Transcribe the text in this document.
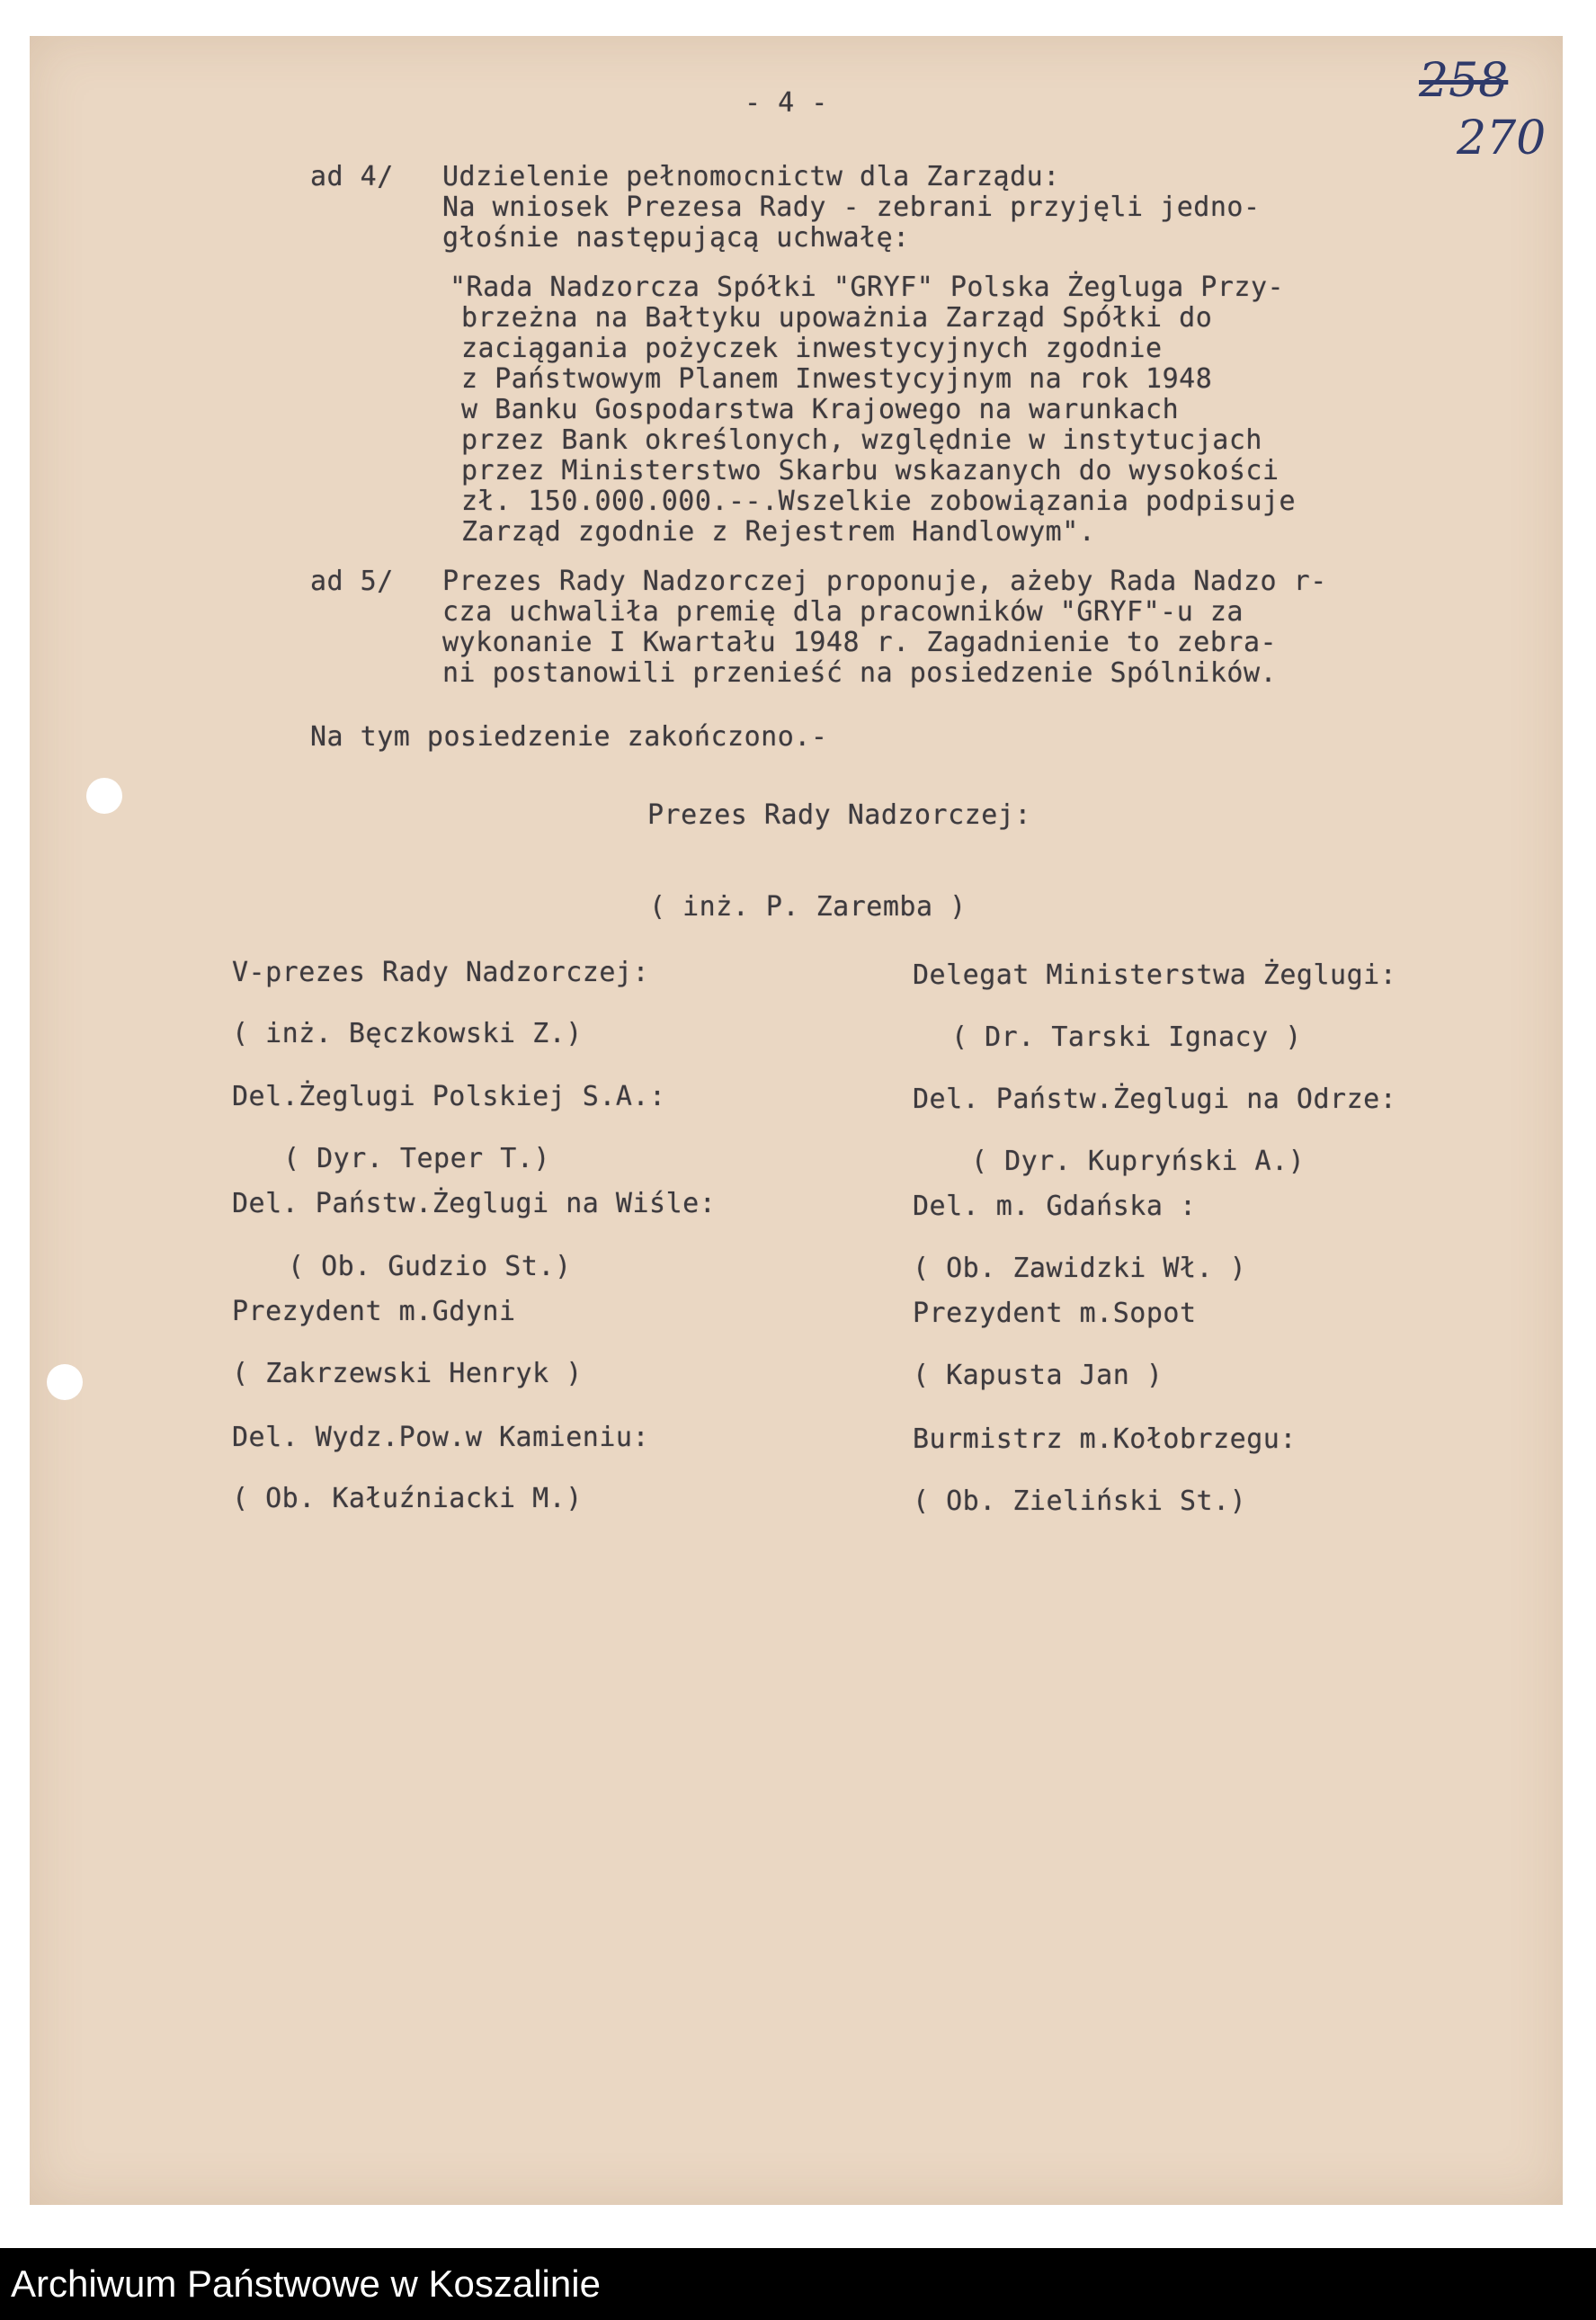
- 4 -	258
270
ad 4/ Udzielenie pełnomocnictw dla Zarządu:
Na wniosek Prezesa Rady - zebrani przyjęli jedno-
głośnie następującą uchwałę:
"Rada Nadzorcza Spółki "GRYF" Polska Żegluga Przy-
brzeżna na Bałtyku upoważnia Zarząd Spółki do
zaciągania pożyczek inwestycyjnych zgodnie
z Państwowym Planem Inwestycyjnym na rok 1948
w Banku Gospodarstwa Krajowego na warunkach
przez Bank określonych, względnie w instytucjach
przez Ministerstwo Skarbu wskazanych do wysokości
zł. 150.000.000.--.Wszelkie zobowiązania podpisuje
Zarząd zgodnie z Rejestrem Handlowym".
ad 5/ Prezes Rady Nadzorczej proponuje, ażeby Rada Nadzo r-
cza uchwaliła premię dla pracowników "GRYF"-u za
wykonanie I Kwartału 1948 r. Zagadnienie to zebra-
ni postanowili przenieść na posiedzenie Spólników.
Na tym posiedzenie zakończono.-
Prezes Rady Nadzorczej:
( inż. P. Zaremba )
V-prezes Rady Nadzorczej:
( inż. Bęczkowski Z.)
Del.Żeglugi Polskiej S.A.:
( Dyr. Teper T.)
Del. Państw.Żeglugi na Wiśle:
( Ob. Gudzio St.)
Prezydent m.Gdyni
( Zakrzewski Henryk )
Del. Wydz.Pow.w Kamieniu:
( Ob. Kałuźniacki M.)
Delegat Ministerstwa Żeglugi:
( Dr. Tarski Ignacy )
Del. Państw.Żeglugi na Odrze:
( Dyr. Kupryński A.)
Del. m. Gdańska :
( Ob. Zawidzki Wł. )
Prezydent m.Sopot
( Kapusta Jan )
Burmistrz m.Kołobrzegu:
( Ob. Zieliński St.)
Archiwum Państwowe w Koszalinie
